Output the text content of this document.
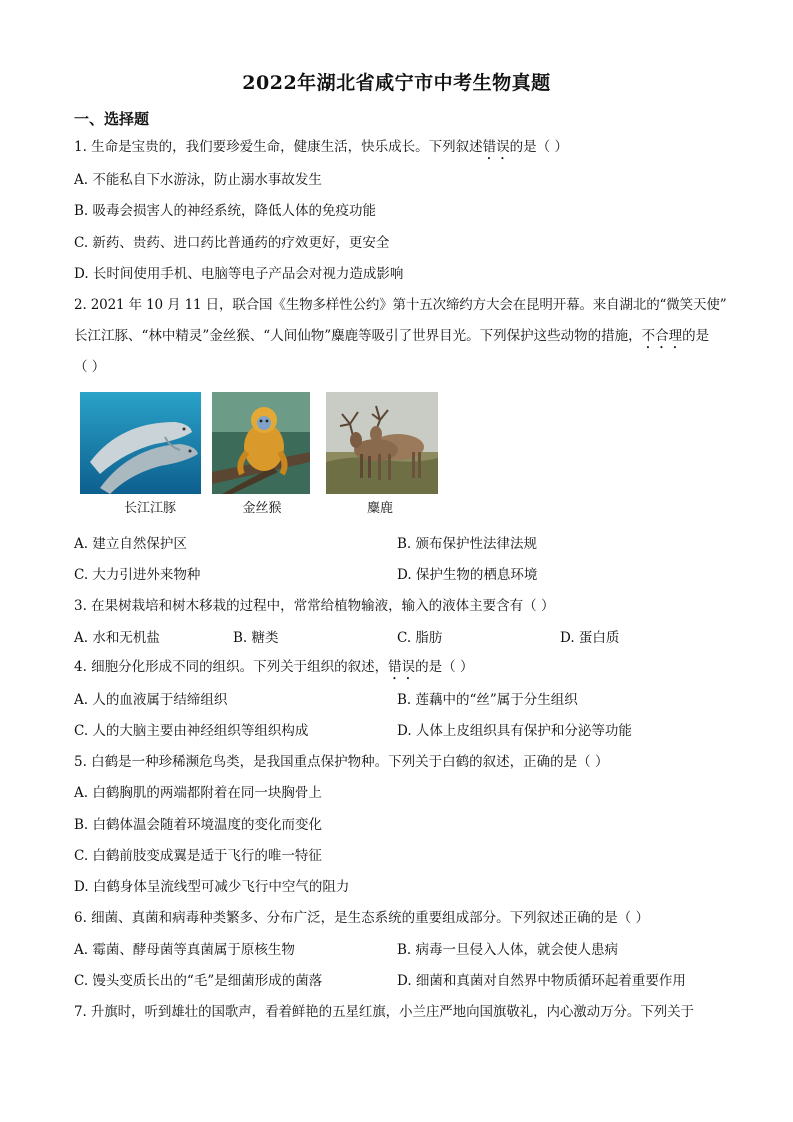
2022年湖北省咸宁市中考生物真题
一、选择题
1. 生命是宝贵的，我们要珍爱生命，健康生活，快乐成长。下列叙述错误的是（ ）
A. 不能私自下水游泳，防止溺水事故发生
B. 吸毒会损害人的神经系统，降低人体的免疫功能
C. 新药、贵药、进口药比普通药的疗效更好，更安全
D. 长时间使用手机、电脑等电子产品会对视力造成影响
2. 2021 年 10 月 11 日，联合国《生物多样性公约》第十五次缔约方大会在昆明开幕。来自湖北的“微笑天使”
长江江豚、“林中精灵”金丝猴、“人间仙物”麋鹿等吸引了世界目光。下列保护这些动物的措施，不合理的是
（ ）
长江江豚	金丝猴	麋鹿
A. 建立自然保护区	B. 颁布保护性法律法规
C. 大力引进外来物种	D. 保护生物的栖息环境
3. 在果树栽培和树木移栽的过程中，常常给植物输液，输入的液体主要含有（ ）
A. 水和无机盐	B. 糖类	C. 脂肪	D. 蛋白质
4. 细胞分化形成不同的组织。下列关于组织的叙述，错误的是（ ）
A. 人的血液属于结缔组织	B. 莲藕中的“丝”属于分生组织
C. 人的大脑主要由神经组织等组织构成	D. 人体上皮组织具有保护和分泌等功能
5. 白鹤是一种珍稀濒危鸟类，是我国重点保护物种。下列关于白鹤的叙述，正确的是（ ）
A. 白鹤胸肌的两端都附着在同一块胸骨上
B. 白鹤体温会随着环境温度的变化而变化
C. 白鹤前肢变成翼是适于飞行的唯一特征
D. 白鹤身体呈流线型可减少飞行中空气的阻力
6. 细菌、真菌和病毒种类繁多、分布广泛，是生态系统的重要组成部分。下列叙述正确的是（ ）
A. 霉菌、酵母菌等真菌属于原核生物	B. 病毒一旦侵入人体，就会使人患病
C. 馒头变质长出的“毛”是细菌形成的菌落	D. 细菌和真菌对自然界中物质循环起着重要作用
7. 升旗时，听到雄壮的国歌声，看着鲜艳的五星红旗，小兰庄严地向国旗敬礼，内心激动万分。下列关于
